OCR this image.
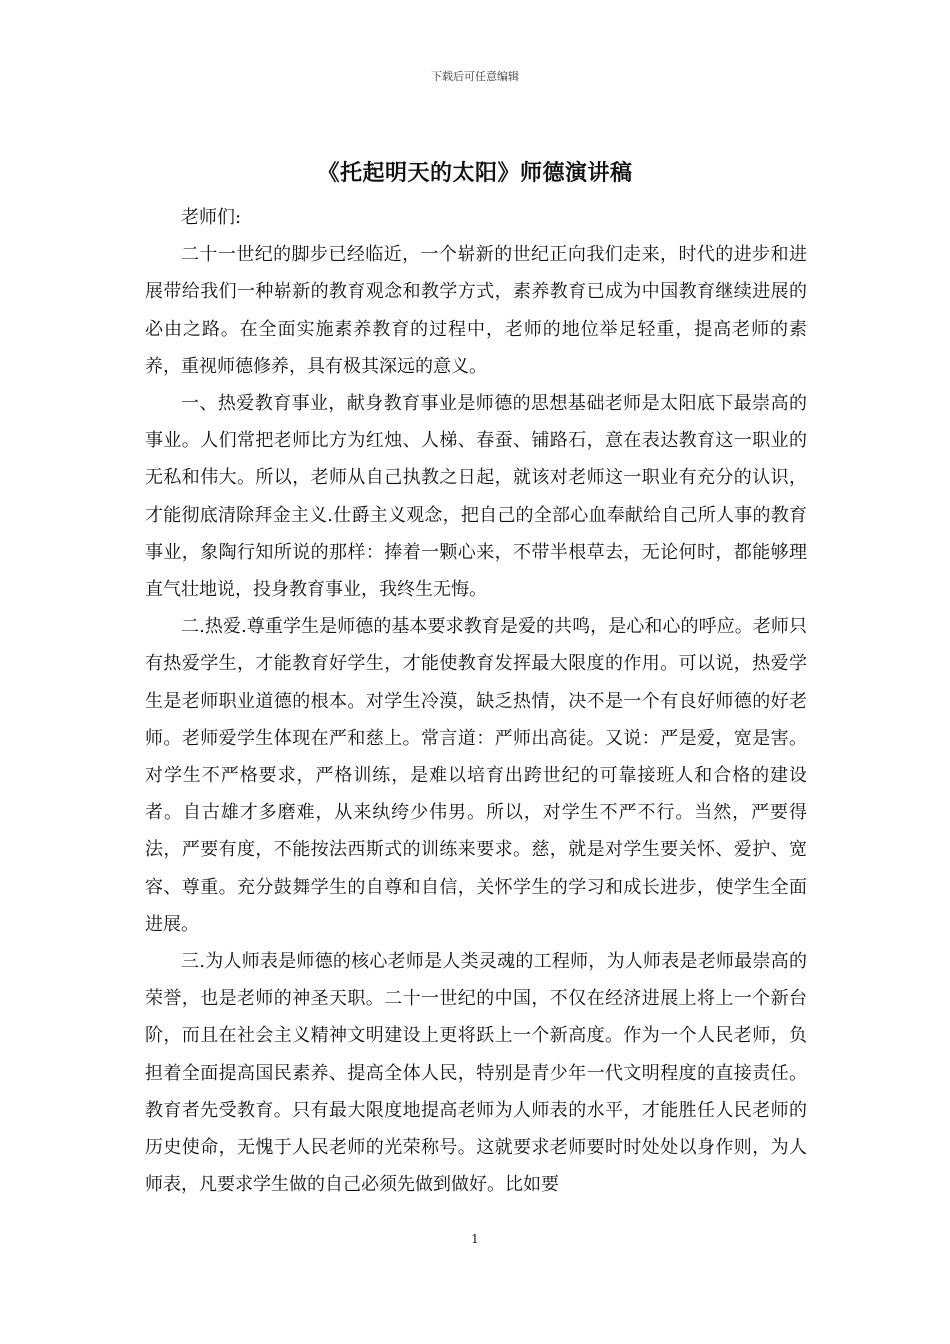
下载后可任意编辑
《托起明天的太阳》师德演讲稿

老师们:

二十一世纪的脚步已经临近，一个崭新的世纪正向我们走来，时代的进步和进展带给我们一种崭新的教育观念和教学方式，素养教育已成为中国教育继续进展的必由之路。在全面实施素养教育的过程中，老师的地位举足轻重，提高老师的素养，重视师德修养，具有极其深远的意义。

一、热爱教育事业，献身教育事业是师德的思想基础老师是太阳底下最崇高的事业。人们常把老师比方为红烛、人梯、春蚕、铺路石，意在表达教育这一职业的无私和伟大。所以，老师从自己执教之日起，就该对老师这一职业有充分的认识，才能彻底清除拜金主义.仕爵主义观念，把自己的全部心血奉献给自己所人事的教育事业，象陶行知所说的那样：捧着一颗心来，不带半根草去，无论何时，都能够理直气壮地说，投身教育事业，我终生无悔。

二.热爱.尊重学生是师德的基本要求教育是爱的共鸣，是心和心的呼应。老师只有热爱学生，才能教育好学生，才能使教育发挥最大限度的作用。可以说，热爱学生是老师职业道德的根本。对学生冷漠，缺乏热情，决不是一个有良好师德的好老师。老师爱学生体现在严和慈上。常言道：严师出高徒。又说：严是爱，宽是害。对学生不严格要求，严格训练，是难以培育出跨世纪的可靠接班人和合格的建设者。自古雄才多磨难，从来纨绔少伟男。所以，对学生不严不行。当然，严要得法，严要有度，不能按法西斯式的训练来要求。慈，就是对学生要关怀、爱护、宽容、尊重。充分鼓舞学生的自尊和自信，关怀学生的学习和成长进步，使学生全面进展。

三.为人师表是师德的核心老师是人类灵魂的工程师，为人师表是老师最崇高的荣誉，也是老师的神圣天职。二十一世纪的中国，不仅在经济进展上将上一个新台阶，而且在社会主义精神文明建设上更将跃上一个新高度。作为一个人民老师，负担着全面提高国民素养、提高全体人民，特别是青少年一代文明程度的直接责任。教育者先受教育。只有最大限度地提高老师为人师表的水平，才能胜任人民老师的历史使命，无愧于人民老师的光荣称号。这就要求老师要时时处处以身作则，为人师表，凡要求学生做的自己必须先做到做好。比如要

1
